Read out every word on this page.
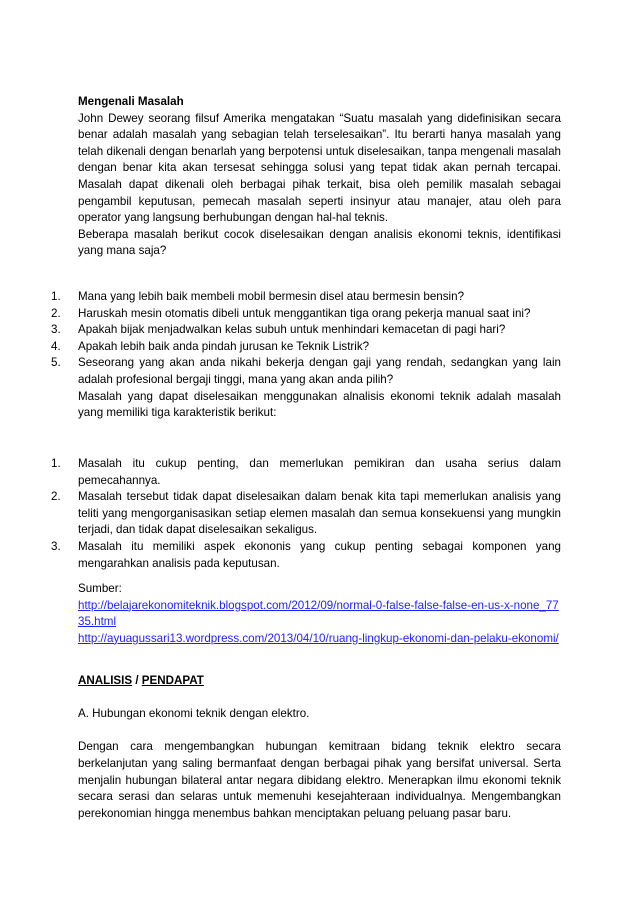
Mengenali Masalah

John Dewey seorang filsuf Amerika mengatakan “Suatu masalah yang didefinisikan secara benar adalah masalah yang sebagian telah terselesaikan”. Itu berarti hanya masalah yang telah dikenali dengan benarlah yang berpotensi untuk diselesaikan, tanpa mengenali masalah dengan benar kita akan tersesat sehingga solusi yang tepat tidak akan pernah tercapai. Masalah dapat dikenali oleh berbagai pihak terkait, bisa oleh pemilik masalah sebagai pengambil keputusan, pemecah masalah seperti insinyur atau manajer, atau oleh para operator yang langsung berhubungan dengan hal-hal teknis.

Beberapa masalah berikut cocok diselesaikan dengan analisis ekonomi teknis, identifikasi yang mana saja?

1.	Mana yang lebih baik membeli mobil bermesin disel atau bermesin bensin?
2.	Haruskah mesin otomatis dibeli untuk menggantikan tiga orang pekerja manual saat ini?
3.	Apakah bijak menjadwalkan kelas subuh untuk menhindari kemacetan di pagi hari?
4.	Apakah lebih baik anda pindah jurusan ke Teknik Listrik?
5.	Seseorang yang akan anda nikahi bekerja dengan gaji yang rendah, sedangkan yang lain adalah profesional bergaji tinggi, mana yang akan anda pilih?

Masalah yang dapat diselesaikan menggunakan alnalisis ekonomi teknik adalah masalah yang memiliki tiga karakteristik berikut:

1.	Masalah itu cukup penting, dan memerlukan pemikiran dan usaha serius dalam pemecahannya.
2.	Masalah tersebut tidak dapat diselesaikan dalam benak kita tapi memerlukan analisis yang teliti yang mengorganisasikan setiap elemen masalah dan semua konsekuensi yang mungkin terjadi, dan tidak dapat diselesaikan sekaligus.
3.	Masalah itu memiliki aspek ekononis yang cukup penting sebagai komponen yang mengarahkan analisis pada keputusan.

Sumber:

http://belajarekonomiteknik.blogspot.com/2012/09/normal-0-false-false-false-en-us-x-none_7735.html

http://ayuagussari13.wordpress.com/2013/04/10/ruang-lingkup-ekonomi-dan-pelaku-ekonomi/

ANALISIS / PENDAPAT

A. Hubungan ekonomi teknik dengan elektro.

Dengan cara mengembangkan hubungan kemitraan bidang teknik elektro secara berkelanjutan yang saling bermanfaat dengan berbagai pihak yang bersifat universal. Serta menjalin hubungan bilateral antar negara dibidang elektro. Menerapkan ilmu ekonomi teknik secara serasi dan selaras untuk memenuhi kesejahteraan individualnya. Mengembangkan perekonomian hingga menembus bahkan menciptakan peluang peluang pasar baru.
